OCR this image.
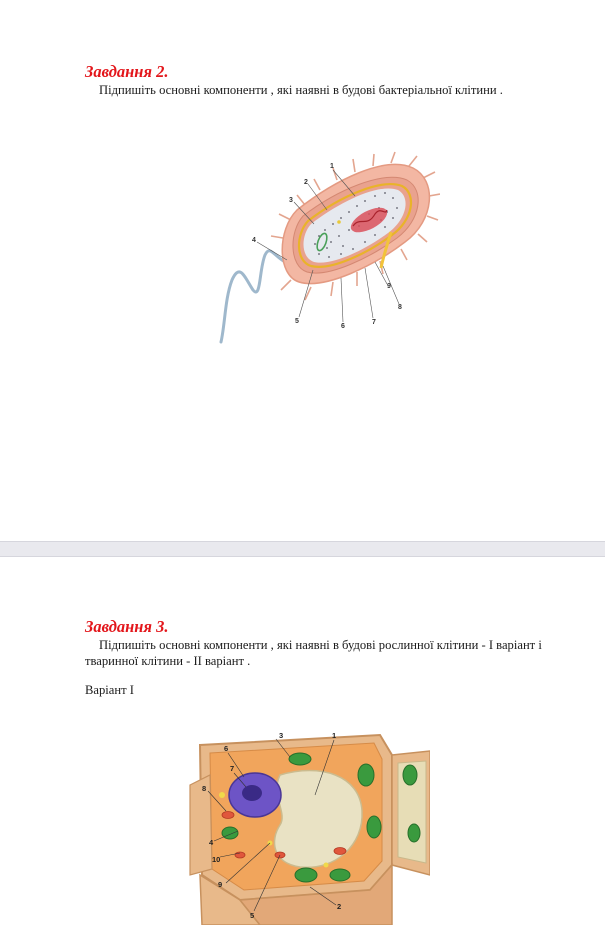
Завдання 2.

Підпишіть основні компоненти , які наявні в будові бактеріальної клітини .

1
2
3
4
5
6
7
8
9

Завдання 3.

Підпишіть основні компоненти , які наявні в будові рослинної клітини - І варіант і тваринної клітини - ІІ варіант .

Варіант І

1
2
3
4
5
6
7
8
9
10
